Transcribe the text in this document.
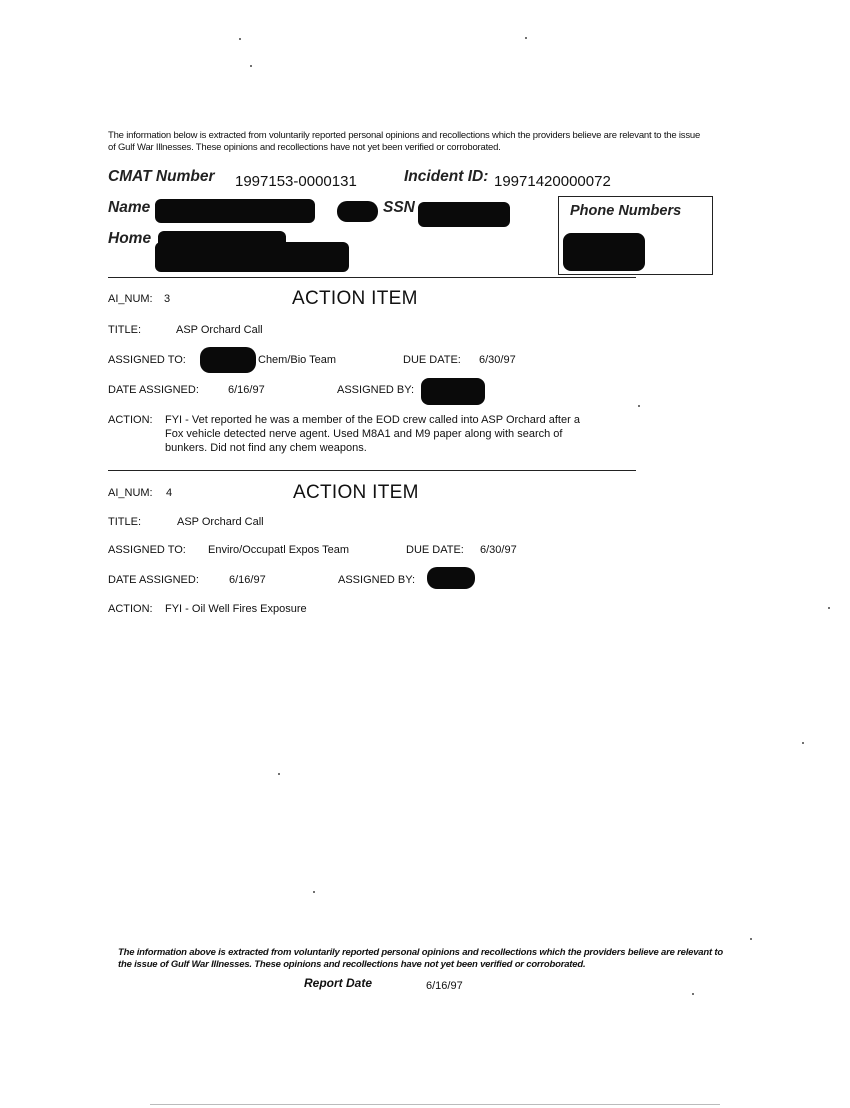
The information below is extracted from voluntarily reported personal opinions and recollections which the providers believe are relevant to the issue
of Gulf War Illnesses. These opinions and recollections have not yet been verified or corroborated.
CMAT Number 1997153-0000131	Incident ID: 19971420000072
Name	SSN	Phone Numbers
Home
AI_NUM: 3	ACTION ITEM
TITLE:	ASP Orchard Call
ASSIGNED TO:	Chem/Bio Team	DUE DATE: 6/30/97
DATE ASSIGNED:	6/16/97	ASSIGNED BY:
ACTION: FYI - Vet reported he was a member of the EOD crew called into ASP Orchard after a
Fox vehicle detected nerve agent. Used M8A1 and M9 paper along with search of
bunkers. Did not find any chem weapons.
AI_NUM: 4	ACTION ITEM
TITLE:	ASP Orchard Call
ASSIGNED TO: Enviro/Occupatl Expos Team	DUE DATE: 6/30/97
DATE ASSIGNED:	6/16/97	ASSIGNED BY:
ACTION: FYI - Oil Well Fires Exposure
The information above is extracted from voluntarily reported personal opinions and recollections which the providers believe are relevant to
the issue of Gulf War Illnesses. These opinions and recollections have not yet been verified or corroborated.
Report Date	6/16/97
